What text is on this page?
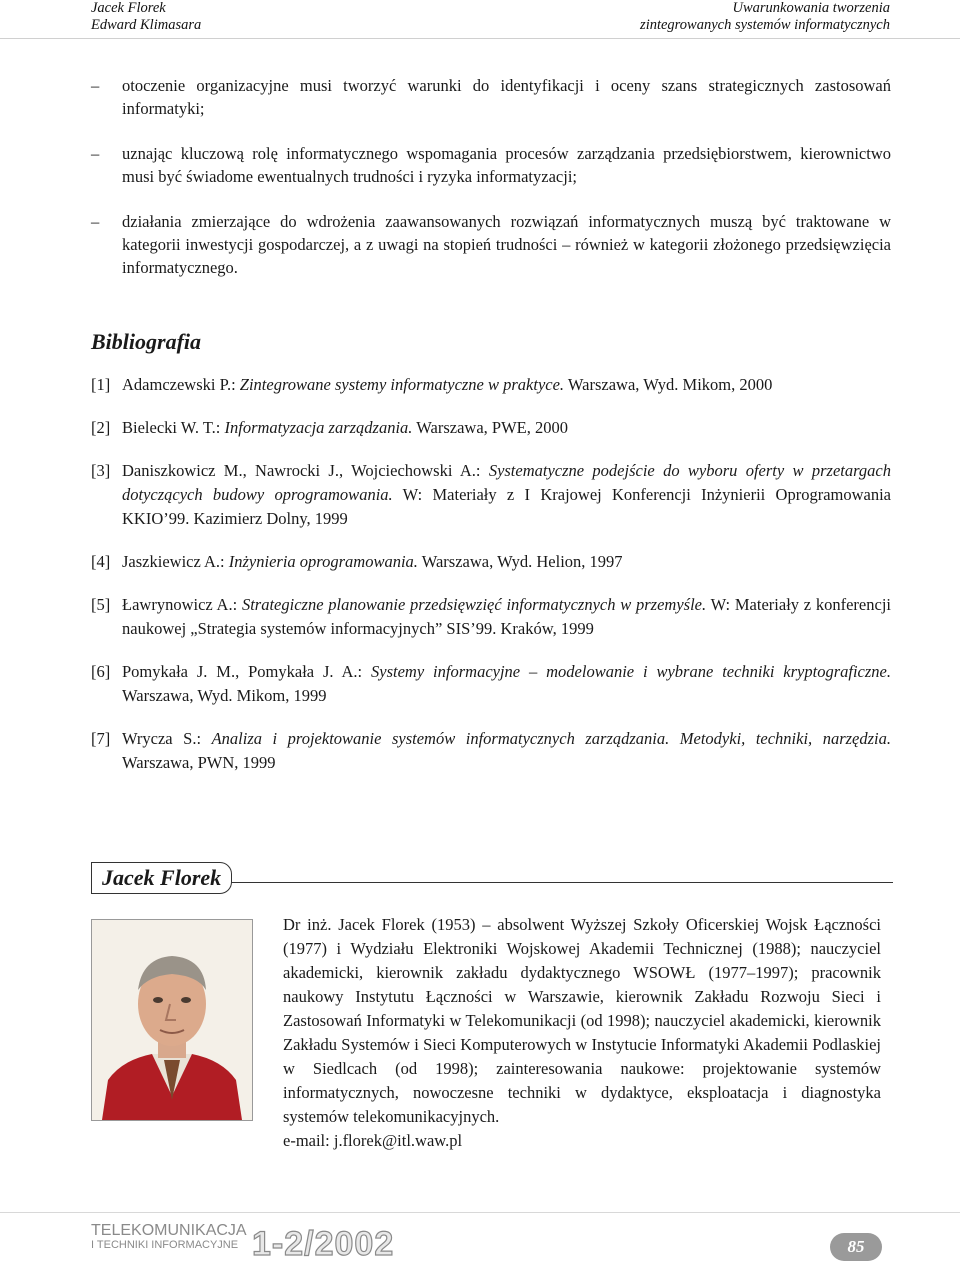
Jacek Florek
Edward Klimasara
Uwarunkowania tworzenia
zintegrowanych systemów informatycznych
– otoczenie organizacyjne musi tworzyć warunki do identyfikacji i oceny szans strategicznych zastosowań informatyki;
– uznając kluczową rolę informatycznego wspomagania procesów zarządzania przedsiębiorstwem, kierownictwo musi być świadome ewentualnych trudności i ryzyka informatyzacji;
– działania zmierzające do wdrożenia zaawansowanych rozwiązań informatycznych muszą być traktowane w kategorii inwestycji gospodarczej, a z uwagi na stopień trudności – również w kategorii złożonego przedsięwzięcia informatycznego.
Bibliografia
[1] Adamczewski P.: Zintegrowane systemy informatyczne w praktyce. Warszawa, Wyd. Mikom, 2000
[2] Bielecki W. T.: Informatyzacja zarządzania. Warszawa, PWE, 2000
[3] Daniszkowicz M., Nawrocki J., Wojciechowski A.: Systematyczne podejście do wyboru oferty w przetargach dotyczących budowy oprogramowania. W: Materiały z I Krajowej Konferencji Inżynierii Oprogramowania KKIO’99. Kazimierz Dolny, 1999
[4] Jaszkiewicz A.: Inżynieria oprogramowania. Warszawa, Wyd. Helion, 1997
[5] Ławrynowicz A.: Strategiczne planowanie przedsięwzięć informatycznych w przemyśle. W: Materiały z konferencji naukowej „Strategia systemów informacyjnych” SIS’99. Kraków, 1999
[6] Pomykała J. M., Pomykała J. A.: Systemy informacyjne – modelowanie i wybrane techniki kryptograficzne. Warszawa, Wyd. Mikom, 1999
[7] Wrycza S.: Analiza i projektowanie systemów informatycznych zarządzania. Metodyki, techniki, narzędzia. Warszawa, PWN, 1999
Jacek Florek
Dr inż. Jacek Florek (1953) – absolwent Wyższej Szkoły Oficerskiej Wojsk Łączności (1977) i Wydziału Elektroniki Wojskowej Akademii Technicznej (1988); nauczyciel akademicki, kierownik zakładu dydaktycznego WSOWŁ (1977–1997); pracownik naukowy Instytutu Łączności w Warszawie, kierownik Zakładu Rozwoju Sieci i Zastosowań Informatyki w Telekomunikacji (od 1998); nauczyciel akademicki, kierownik Zakładu Systemów i Sieci Komputerowych w Instytucie Informatyki Akademii Podlaskiej w Siedlcach (od 1998); zainteresowania naukowe: projektowanie systemów informatycznych, nowoczesne techniki w dydaktyce, eksploatacja i diagnostyka systemów telekomunikacyjnych.
e-mail: j.florek@itl.waw.pl
TELEKOMUNIKACJA
I TECHNIKI INFORMACYJNE 1-2/2002	85
